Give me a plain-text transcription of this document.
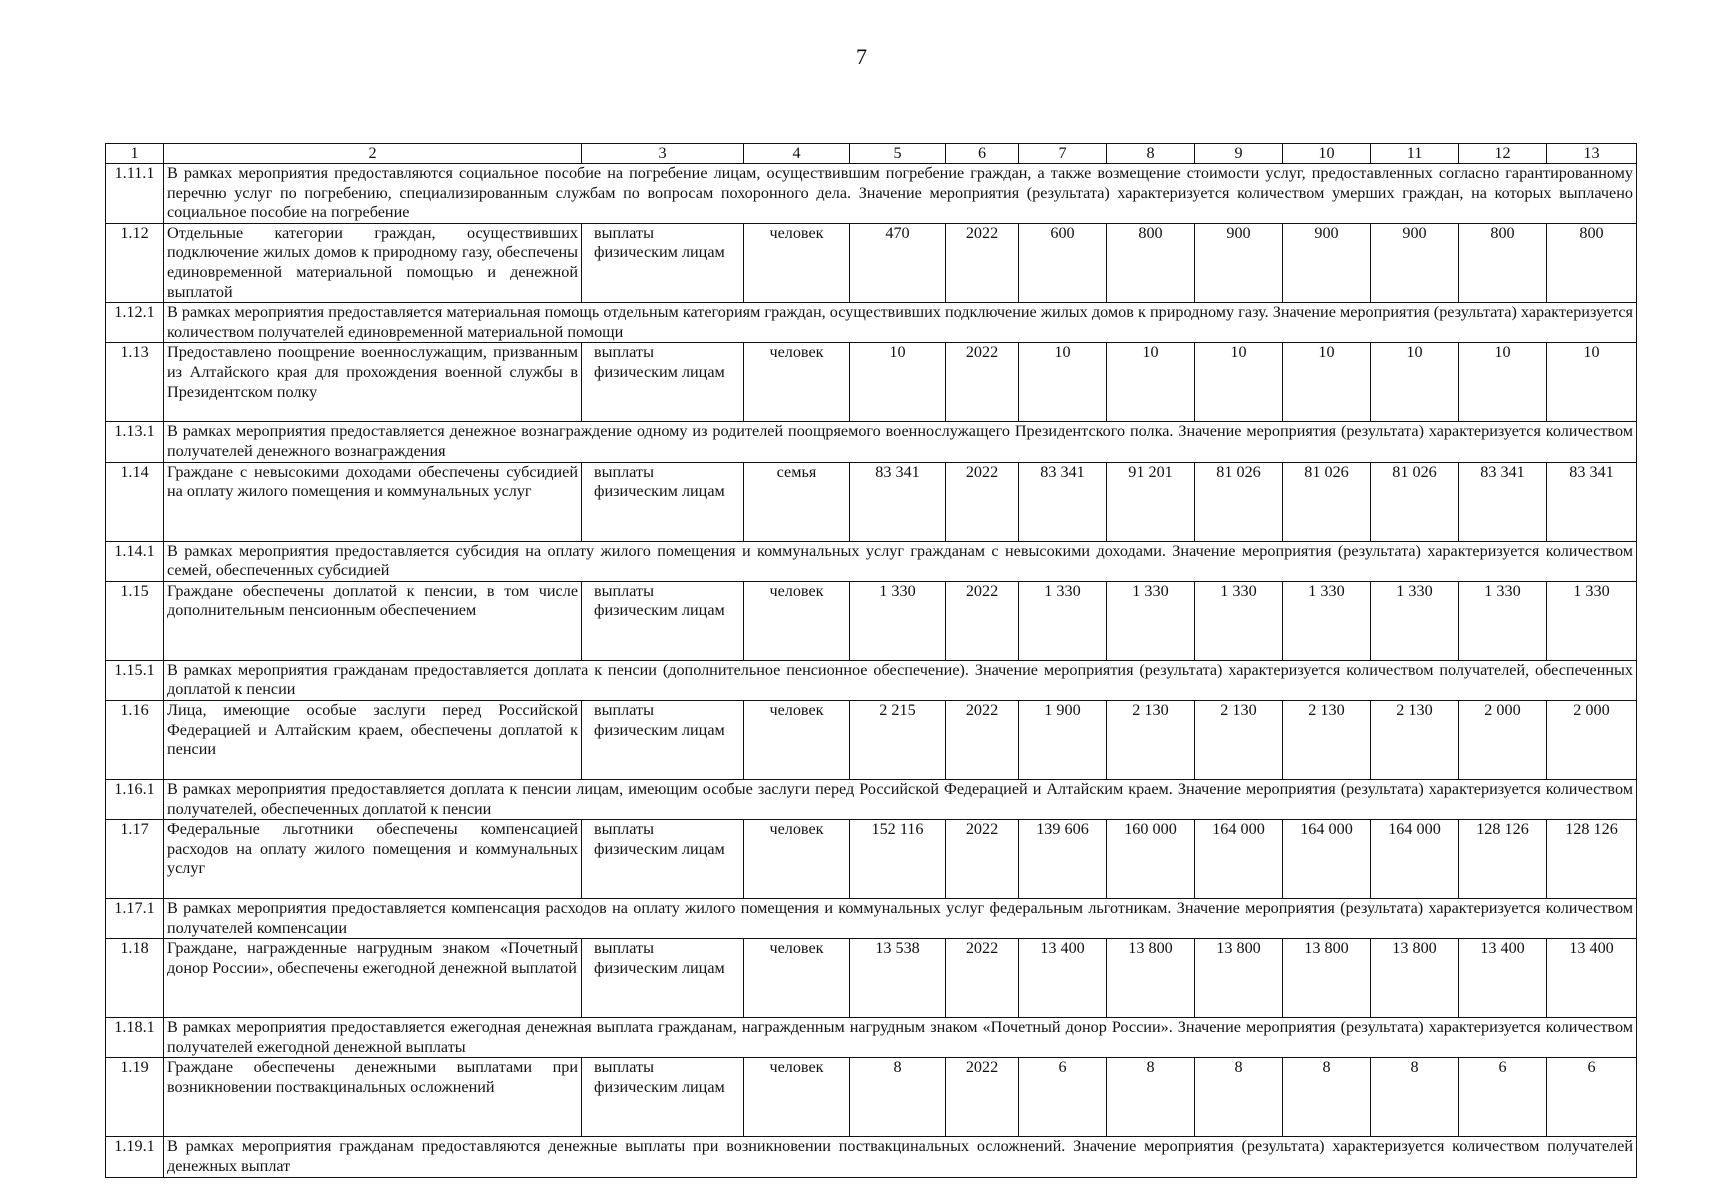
7
1	2	3	4	5	6	7	8	9	10	11	12	13
1.11.1	В рамках мероприятия предоставляются социальное пособие на погребение лицам, осуществившим погребение граждан, а также возмещение стоимости услуг, предоставленных согласно гарантированному перечню услуг по погребению, специализированным службам по вопросам похоронного дела. Значение мероприятия (результата) характеризуется количеством умерших граждан, на которых выплачено социальное пособие на погребение											
1.12	Отдельные категории граждан, осуществивших подключение жилых домов к природному газу, обеспечены единовременной материальной помощью и денежной выплатой	выплаты физическим лицам	человек	470	2022	600	800	900	900	900	800	800
1.12.1	В рамках мероприятия предоставляется материальная помощь отдельным категориям граждан, осуществивших подключение жилых домов к природному газу. Значение мероприятия (результата) характеризуется количеством получателей единовременной материальной помощи											
1.13	Предоставлено поощрение военнослужащим, призванным из Алтайского края для прохождения военной службы в Президентском полку	выплаты физическим лицам	человек	10	2022	10	10	10	10	10	10	10
1.13.1	В рамках мероприятия предоставляется денежное вознаграждение одному из родителей поощряемого военнослужащего Президентского полка. Значение мероприятия (результата) характеризуется количеством получателей денежного вознаграждения											
1.14	Граждане с невысокими доходами обеспечены субсидией на оплату жилого помещения и коммунальных услуг	выплаты физическим лицам	семья	83 341	2022	83 341	91 201	81 026	81 026	81 026	83 341	83 341
1.14.1	В рамках мероприятия предоставляется субсидия на оплату жилого помещения и коммунальных услуг гражданам с невысокими доходами. Значение мероприятия (результата) характеризуется количеством семей, обеспеченных субсидией											
1.15	Граждане обеспечены доплатой к пенсии, в том числе дополнительным пенсионным обеспечением	выплаты физическим лицам	человек	1 330	2022	1 330	1 330	1 330	1 330	1 330	1 330	1 330
1.15.1	В рамках мероприятия гражданам предоставляется доплата к пенсии (дополнительное пенсионное обеспечение). Значение мероприятия (результата) характеризуется количеством получателей, обеспеченных доплатой к пенсии											
1.16	Лица, имеющие особые заслуги перед Российской Федерацией и Алтайским краем, обеспечены доплатой к пенсии	выплаты физическим лицам	человек	2 215	2022	1 900	2 130	2 130	2 130	2 130	2 000	2 000
1.16.1	В рамках мероприятия предоставляется доплата к пенсии лицам, имеющим особые заслуги перед Российской Федерацией и Алтайским краем. Значение мероприятия (результата) характеризуется количеством получателей, обеспеченных доплатой к пенсии											
1.17	Федеральные льготники обеспечены компенсацией расходов на оплату жилого помещения и коммунальных услуг	выплаты физическим лицам	человек	152 116	2022	139 606	160 000	164 000	164 000	164 000	128 126	128 126
1.17.1	В рамках мероприятия предоставляется компенсация расходов на оплату жилого помещения и коммунальных услуг федеральным льготникам. Значение мероприятия (результата) характеризуется количеством получателей компенсации											
1.18	Граждане, награжденные нагрудным знаком «Почетный донор России», обеспечены ежегодной денежной выплатой	выплаты физическим лицам	человек	13 538	2022	13 400	13 800	13 800	13 800	13 800	13 400	13 400
1.18.1	В рамках мероприятия предоставляется ежегодная денежная выплата гражданам, награжденным нагрудным знаком «Почетный донор России». Значение мероприятия (результата) характеризуется количеством получателей ежегодной денежной выплаты											
1.19	Граждане обеспечены денежными выплатами при возникновении поствакцинальных осложнений	выплаты физическим лицам	человек	8	2022	6	8	8	8	8	6	6
1.19.1	В рамках мероприятия гражданам предоставляются денежные выплаты при возникновении поствакцинальных осложнений. Значение мероприятия (результата) характеризуется количеством получателей денежных выплат											
